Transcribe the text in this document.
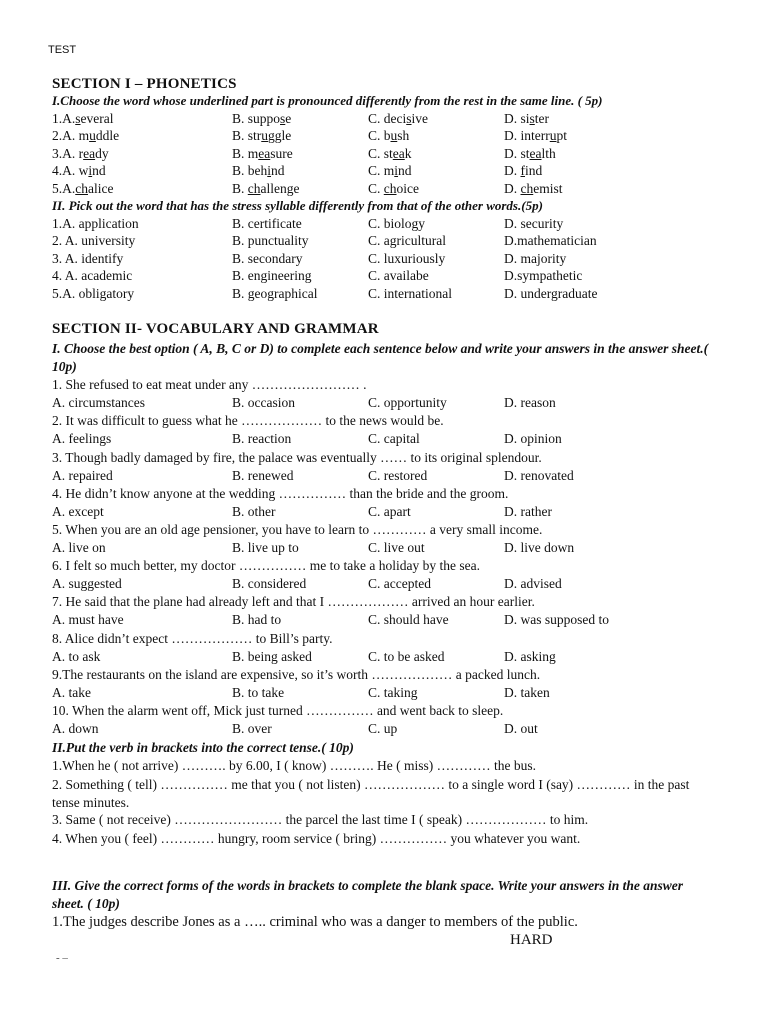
TEST
SECTION I – PHONETICS
I.Choose the word whose underlined part is pronounced differently from the rest in the same line. ( 5p)
1.A.several	B. suppose	C. decisive	D. sister
2.A. muddle	B. struggle	C. bush	D. interrupt
3.A. ready	B. measure	C. steak	D. stealth
4.A. wind	B. behind	C. mind	D. find
5.A.chalice	B. challenge	C. choice	D. chemist
II. Pick out the word that has the stress syllable differently from that of the other words.(5p)
1.A. application	B. certificate	C. biology	D. security
2. A. university	B. punctuality	C. agricultural	D.mathematician
3. A. identify	B. secondary	C. luxuriously	D. majority
4. A. academic	B. engineering	C. availabe	D.sympathetic
5.A. obligatory	B. geographical	C. international	D. undergraduate
SECTION II- VOCABULARY AND GRAMMAR
I. Choose the best option ( A, B, C or D) to complete each sentence below and write your answers in the answer sheet.( 10p)
1. She refused to eat meat under any …………………… .
A. circumstances	B. occasion	C. opportunity	D. reason
2. It was difficult to guess what he ……………… to the news would be.
A. feelings	B. reaction	C. capital	D. opinion
3. Though badly damaged by fire, the palace was eventually …… to its original splendour.
A. repaired	B. renewed	C. restored	D. renovated
4. He didn’t know anyone at the wedding …………… than the bride and the groom.
A. except	B. other	C. apart	D. rather
5. When you are an old age pensioner, you have to learn to ………… a very small income.
A. live on	B. live up to	C. live out	D. live down
6. I felt so much better, my doctor …………… me to take a holiday by the sea.
A. suggested	B. considered	C. accepted	D. advised
7. He said that the plane had already left and that I ……………… arrived an hour earlier.
A. must have	B. had to	C. should have	D. was supposed to
8. Alice didn’t expect ……………… to Bill’s party.
A. to ask	B. being asked	C. to be asked	D. asking
9.The restaurants on the island are expensive, so it’s worth ……………… a packed lunch.
A. take	B. to take	C. taking	D. taken
10. When the alarm went off, Mick just turned …………… and went back to sleep.
A. down	B. over	C. up	D. out
II.Put the verb in brackets into the correct tense.( 10p)
1.When he ( not arrive) ………. by 6.00, I ( know) ………. He ( miss) ………… the bus.
2. Something ( tell) …………… me that you ( not listen) ……………… to a single word I (say) ………… in the past tense minutes.
3. Same ( not receive) …………………… the parcel the last time I ( speak) ……………… to him.
4. When you ( feel) ………… hungry, room service ( bring) …………… you whatever you want.
III. Give the correct forms of the words in brackets to complete the blank space. Write your answers in the answer sheet. ( 10p)
1.The judges describe Jones as a ….. criminal who was a danger to members of the public.
HARD
- –
